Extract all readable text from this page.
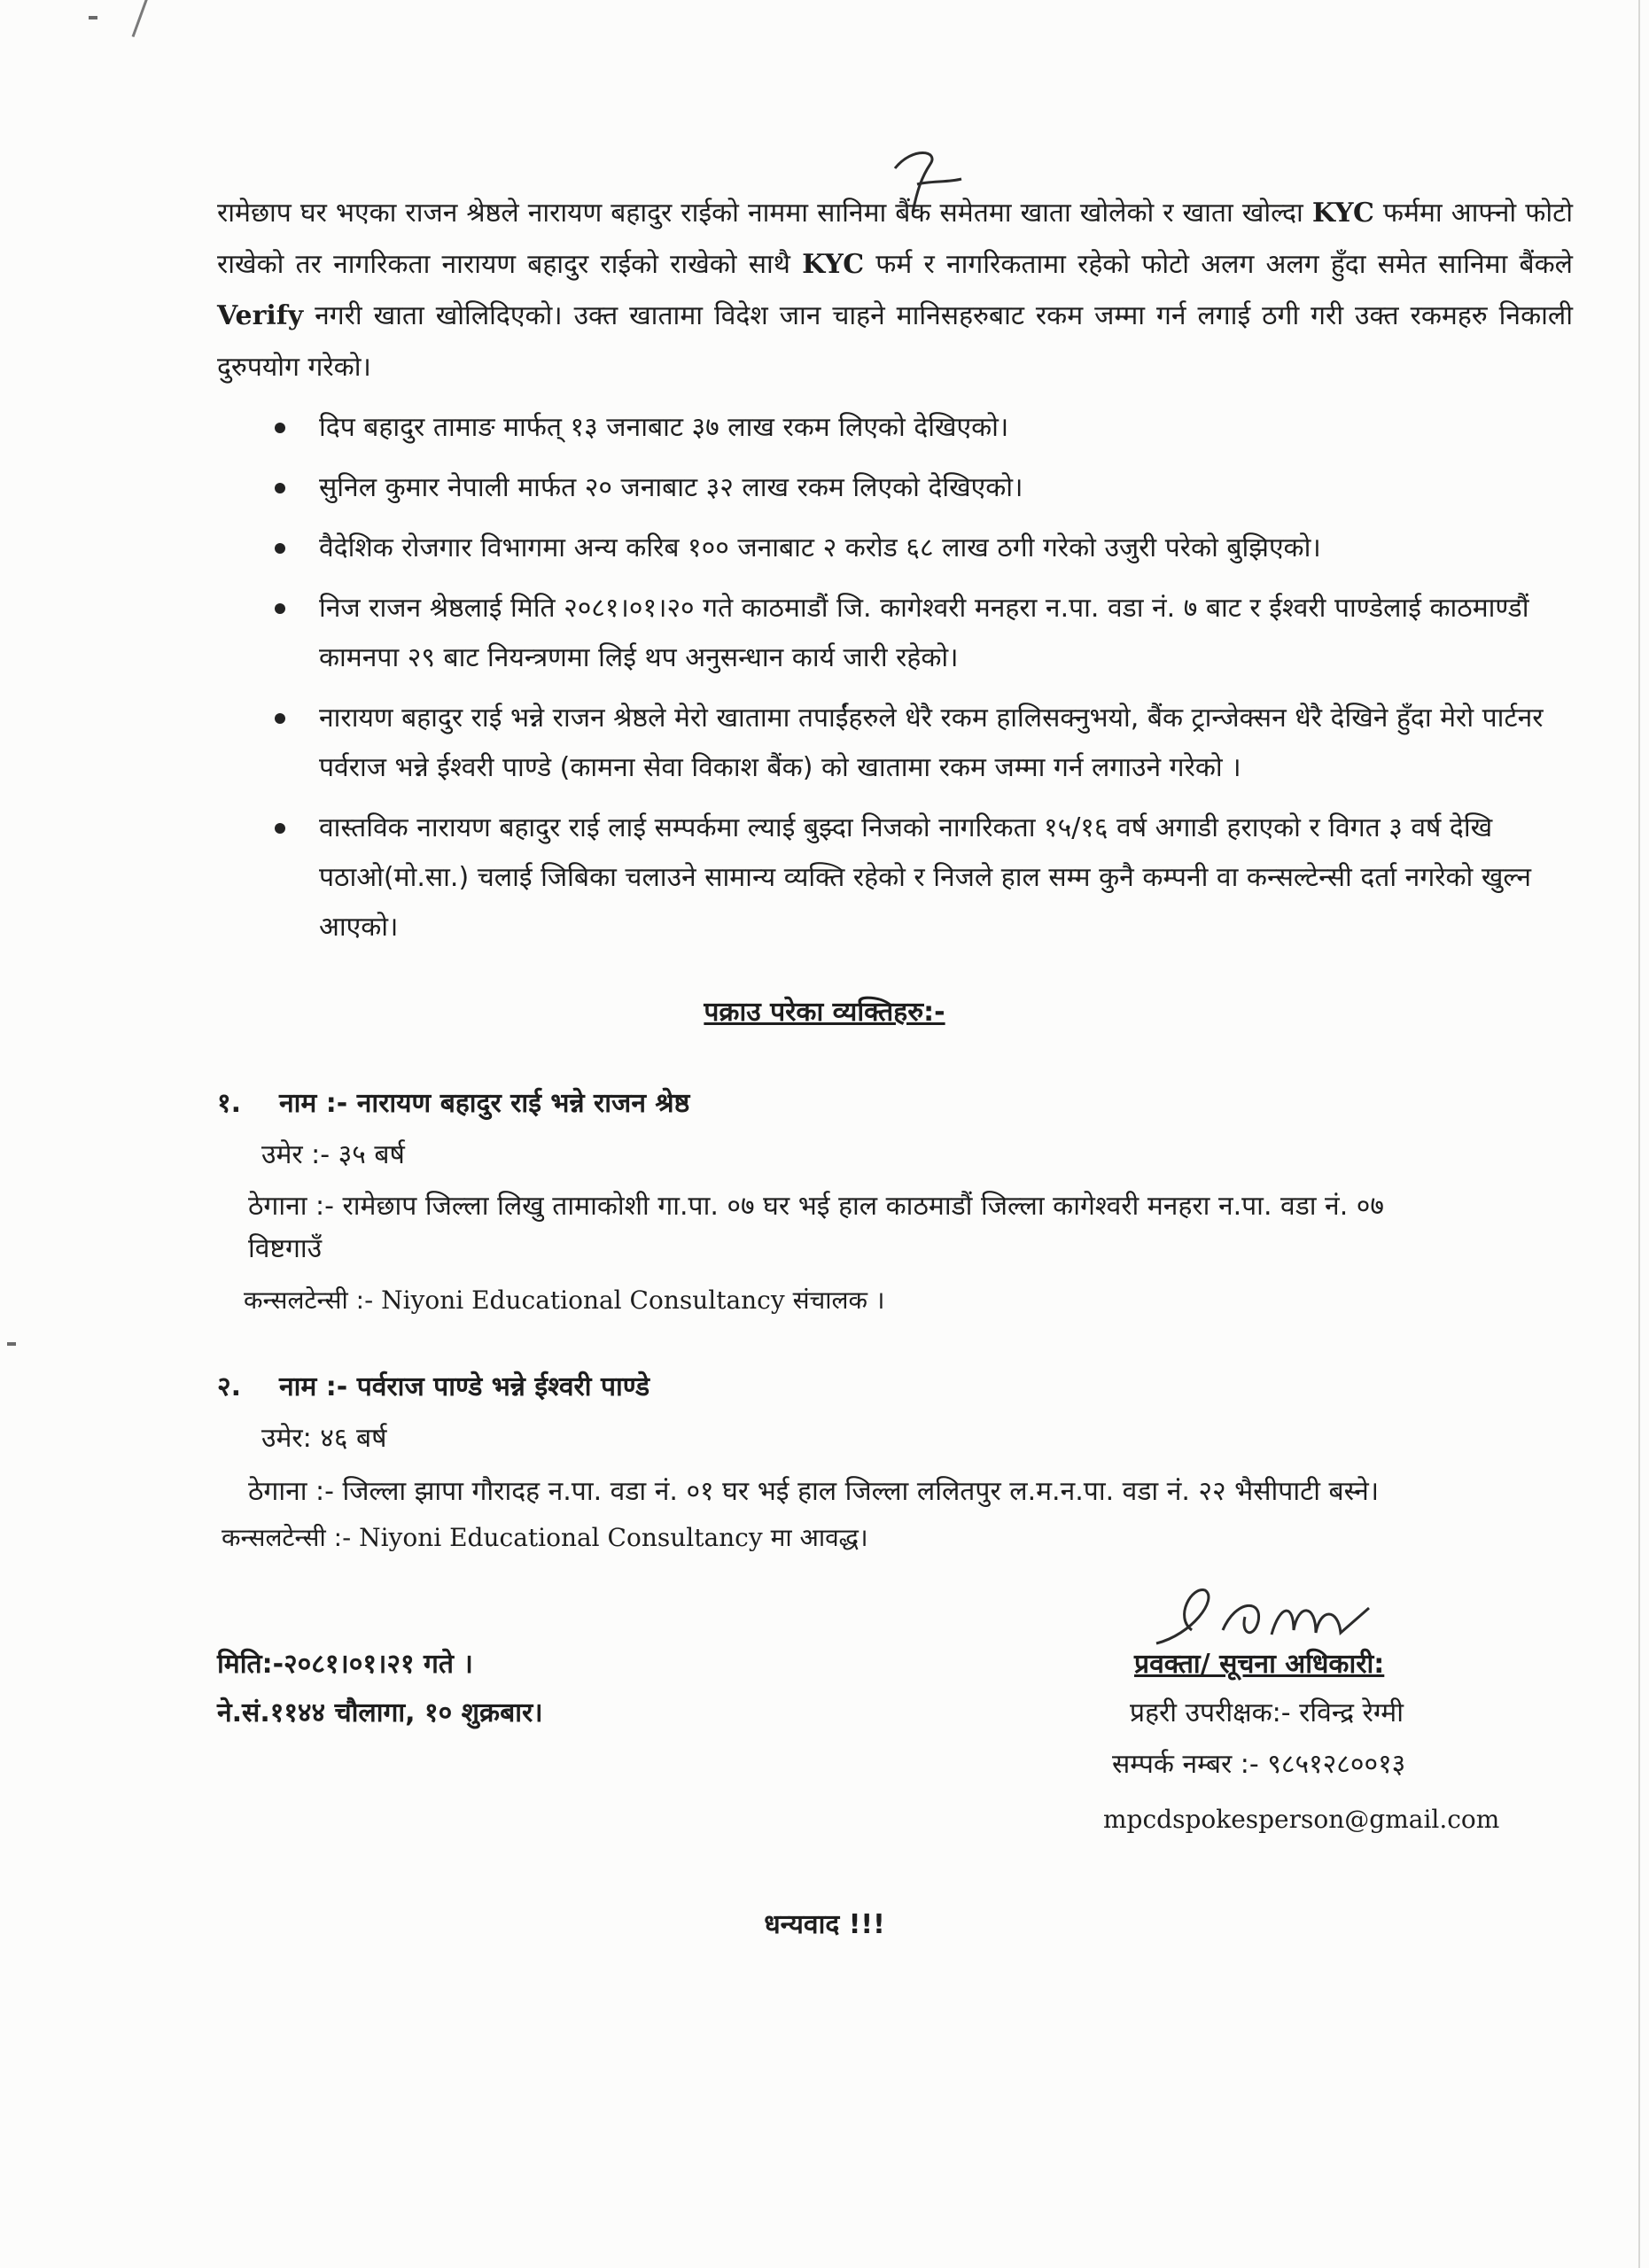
रामेछाप घर भएका राजन श्रेष्ठले नारायण बहादुर राईको नाममा सानिमा बैंक समेतमा खाता खोलेको र खाता खोल्दा KYC फर्ममा आफ्नो फोटो राखेको तर नागरिकता नारायण बहादुर राईको राखेको साथै KYC फर्म र नागरिकतामा रहेको फोटो अलग अलग हुँदा समेत सानिमा बैंकले Verify नगरी खाता खोलिदिएको। उक्त खातामा विदेश जान चाहने मानिसहरुबाट रकम जम्मा गर्न लगाई ठगी गरी उक्त रकमहरु निकाली दुरुपयोग गरेको।
दिप बहादुर तामाङ मार्फत् १३ जनाबाट ३७ लाख रकम लिएको देखिएको।
सुनिल कुमार नेपाली मार्फत २० जनाबाट ३२ लाख रकम लिएको देखिएको।
वैदेशिक रोजगार विभागमा अन्य करिब १०० जनाबाट २ करोड ६८ लाख ठगी गरेको उजुरी परेको बुझिएको।
निज राजन श्रेष्ठलाई मिति २०८१।०१।२० गते काठमाडौं जि. कागेश्वरी मनहरा न.पा. वडा नं. ७ बाट र ईश्वरी पाण्डेलाई काठमाण्डौं कामनपा २९ बाट नियन्त्रणमा लिई थप अनुसन्धान कार्य जारी रहेको।
नारायण बहादुर राई भन्ने राजन श्रेष्ठले मेरो खातामा तपाईंहरुले धेरै रकम हालिसक्नुभयो, बैंक ट्रान्जेक्सन धेरै देखिने हुँदा मेरो पार्टनर पर्वराज भन्ने ईश्वरी पाण्डे (कामना सेवा विकाश बैंक) को खातामा रकम जम्मा गर्न लगाउने गरेको ।
वास्तविक नारायण बहादुर राई लाई सम्पर्कमा ल्याई बुझ्दा निजको नागरिकता १५/१६ वर्ष अगाडी हराएको र विगत ३ वर्ष देखि पठाओ(मो.सा.) चलाई जिबिका चलाउने सामान्य व्यक्ति रहेको र निजले हाल सम्म कुनै कम्पनी वा कन्सल्टेन्सी दर्ता नगरेको खुल्न आएको।
पक्राउ परेका व्यक्तिहरु:-
१. नाम :- नारायण बहादुर राई भन्ने राजन श्रेष्ठ
उमेर :- ३५ बर्ष
ठेगाना :- रामेछाप जिल्ला लिखु तामाकोशी गा.पा. ०७ घर भई हाल काठमाडौं जिल्ला कागेश्वरी मनहरा न.पा. वडा नं. ०७
विष्टगाउँ
कन्सलटेन्सी :- Niyoni Educational Consultancy संचालक ।
२. नाम :- पर्वराज पाण्डे भन्ने ईश्वरी पाण्डे
उमेर: ४६ बर्ष
ठेगाना :- जिल्ला झापा गौरादह न.पा. वडा नं. ०१ घर भई हाल जिल्ला ललितपुर ल.म.न.पा. वडा नं. २२ भैसीपाटी बस्ने।
कन्सलटेन्सी :- Niyoni Educational Consultancy मा आवद्ध।
मिति:-२०८१।०१।२१ गते ।
ने.सं.११४४ चौलागा, १० शुक्रबार।
प्रवक्ता/ सूचना अधिकारी:
प्रहरी उपरीक्षक:- रविन्द्र रेग्मी
सम्पर्क नम्बर :- ९८५१२८००१३
mpcdspokesperson@gmail.com
धन्यवाद !!!
